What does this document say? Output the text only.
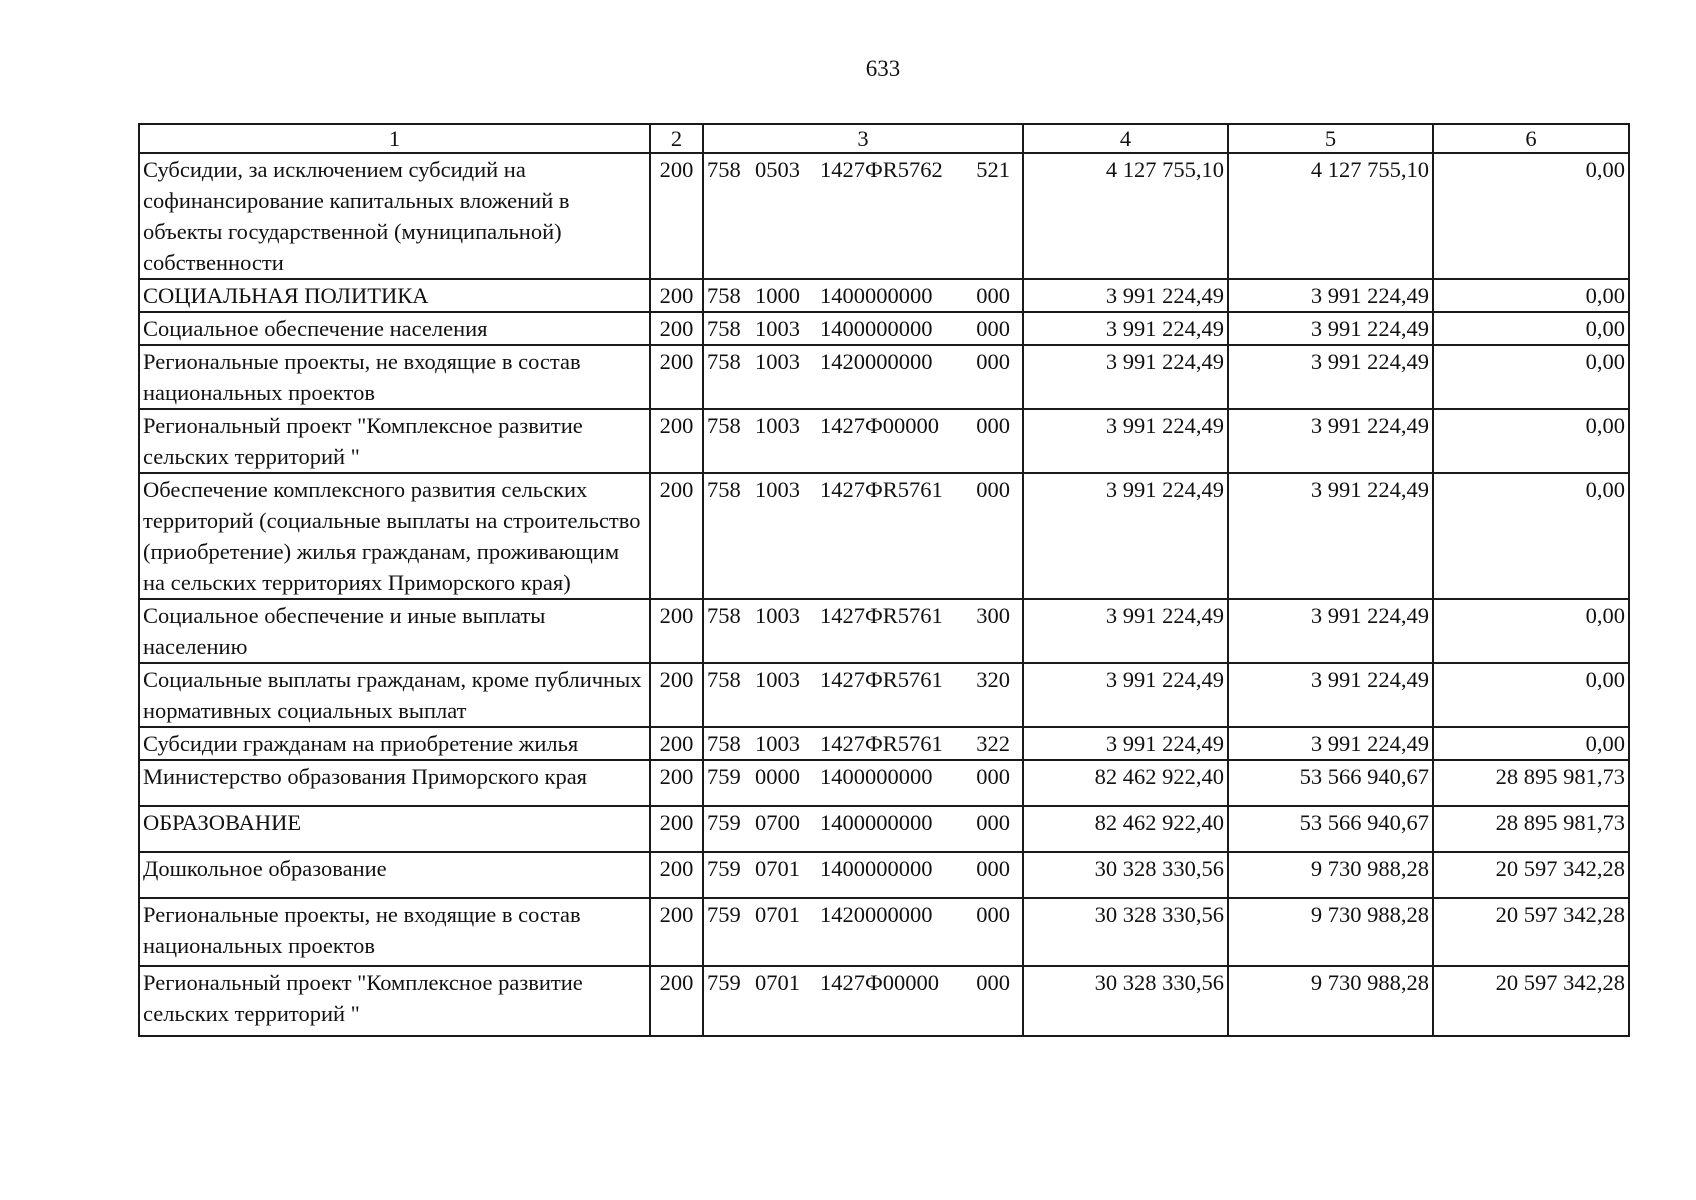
633
1	2	3	4	5	6
Субсидии, за исключением субсидий на софинансирование капитальных вложений в объекты государственной (муниципальной) собственности	200	758 0503 1427ФR5762 521	4 127 755,10	4 127 755,10	0,00
СОЦИАЛЬНАЯ ПОЛИТИКА	200	758 1000 1400000000 000	3 991 224,49	3 991 224,49	0,00
Социальное обеспечение населения	200	758 1003 1400000000 000	3 991 224,49	3 991 224,49	0,00
Региональные проекты, не входящие в состав национальных проектов	200	758 1003 1420000000 000	3 991 224,49	3 991 224,49	0,00
Региональный проект "Комплексное развитие сельских территорий "	200	758 1003 1427Ф00000 000	3 991 224,49	3 991 224,49	0,00
Обеспечение комплексного развития сельских территорий (социальные выплаты на строительство (приобретение) жилья гражданам, проживающим на сельских территориях Приморского края)	200	758 1003 1427ФR5761 000	3 991 224,49	3 991 224,49	0,00
Социальное обеспечение и иные выплаты населению	200	758 1003 1427ФR5761 300	3 991 224,49	3 991 224,49	0,00
Социальные выплаты гражданам, кроме публичных нормативных социальных выплат	200	758 1003 1427ФR5761 320	3 991 224,49	3 991 224,49	0,00
Субсидии гражданам на приобретение жилья	200	758 1003 1427ФR5761 322	3 991 224,49	3 991 224,49	0,00
Министерство образования Приморского края	200	759 0000 1400000000 000	82 462 922,40	53 566 940,67	28 895 981,73
ОБРАЗОВАНИЕ	200	759 0700 1400000000 000	82 462 922,40	53 566 940,67	28 895 981,73
Дошкольное образование	200	759 0701 1400000000 000	30 328 330,56	9 730 988,28	20 597 342,28
Региональные проекты, не входящие в состав национальных проектов	200	759 0701 1420000000 000	30 328 330,56	9 730 988,28	20 597 342,28
Региональный проект "Комплексное развитие сельских территорий "	200	759 0701 1427Ф00000 000	30 328 330,56	9 730 988,28	20 597 342,28
